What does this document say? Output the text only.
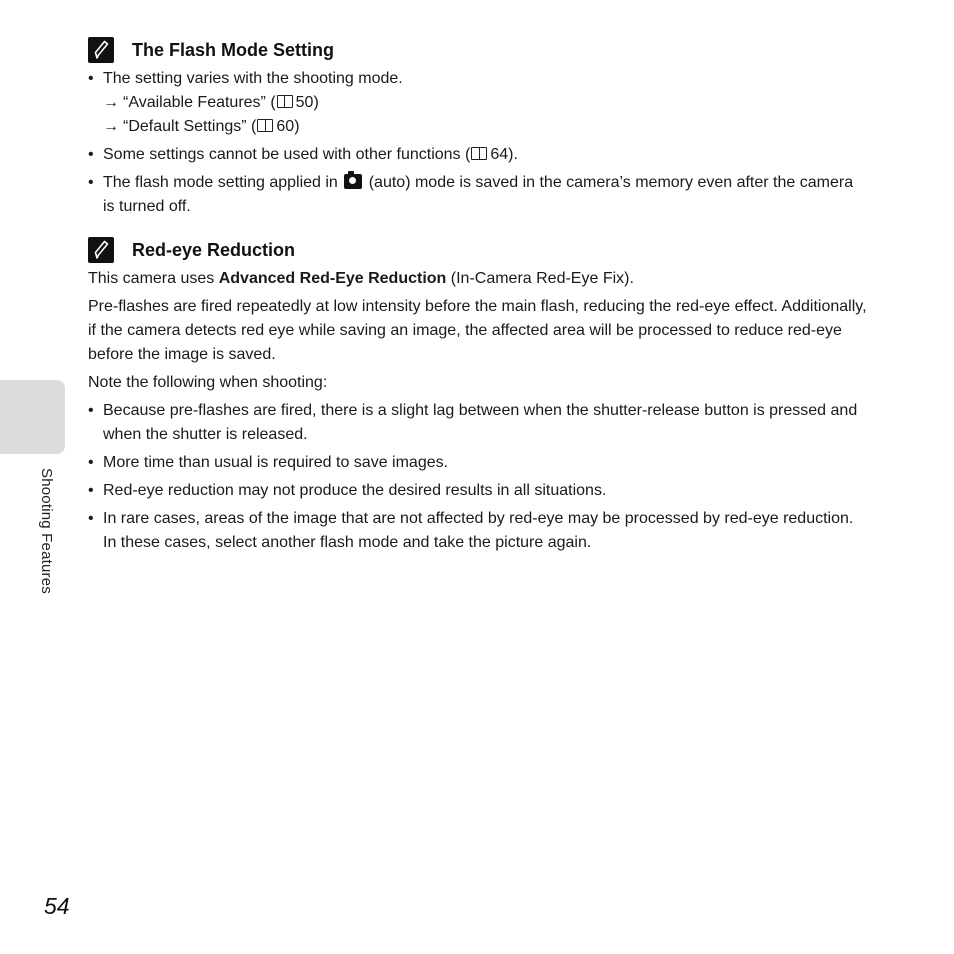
Shooting Features
The Flash Mode Setting
• The setting varies with the shooting mode.
→ “Available Features” ( 50)
→ “Default Settings” ( 60)
• Some settings cannot be used with other functions ( 64).
• The flash mode setting applied in (auto) mode is saved in the camera’s memory even after the camera is turned off.
Red-eye Reduction

This camera uses Advanced Red-Eye Reduction (In-Camera Red-Eye Fix).

Pre-flashes are fired repeatedly at low intensity before the main flash, reducing the red-eye effect. Additionally, if the camera detects red eye while saving an image, the affected area will be processed to reduce red-eye before the image is saved.

Note the following when shooting:

• Because pre-flashes are fired, there is a slight lag between when the shutter-release button is pressed and when the shutter is released.
• More time than usual is required to save images.
• Red-eye reduction may not produce the desired results in all situations.
• In rare cases, areas of the image that are not affected by red-eye may be processed by red-eye reduction. In these cases, select another flash mode and take the picture again.
54
